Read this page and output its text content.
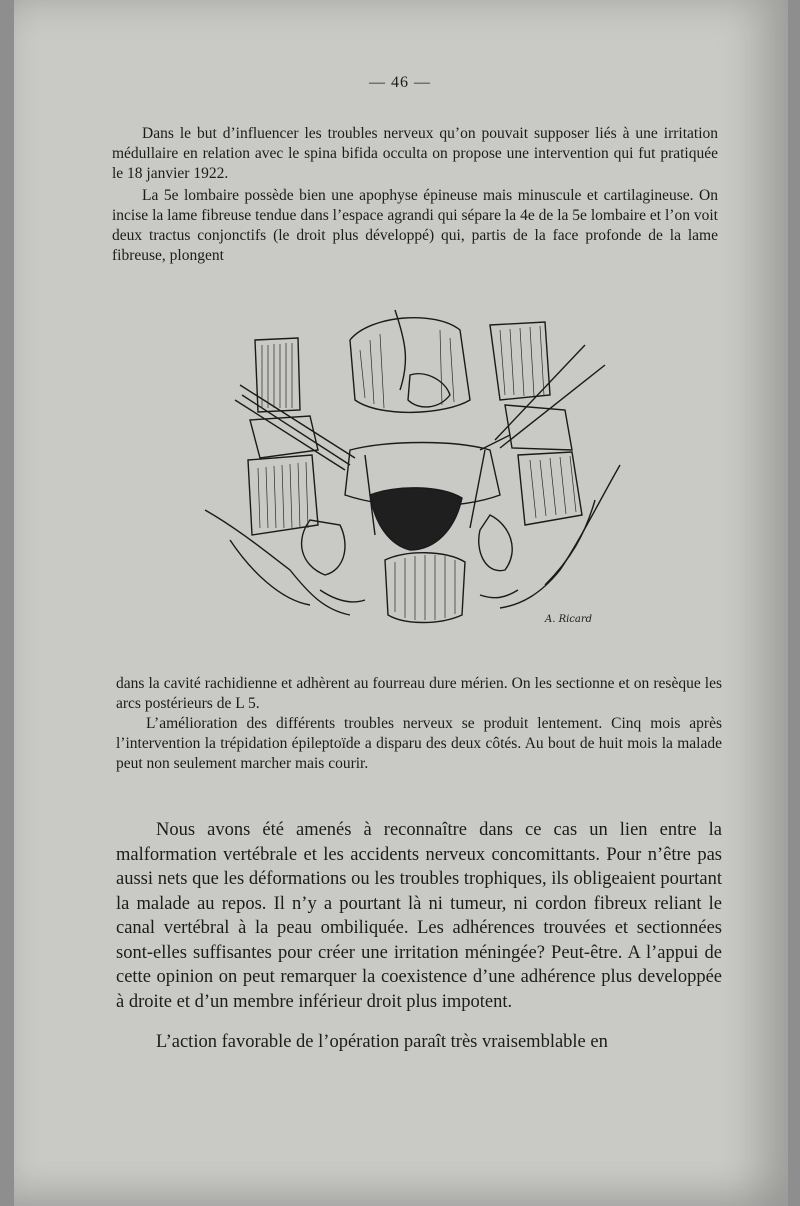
— 46 —

Dans le but d’influencer les troubles nerveux qu’on pouvait supposer liés à une irritation médullaire en relation avec le spina bifida occulta on propose une intervention qui fut pratiquée le 18 janvier 1922.

La 5e lombaire possède bien une apophyse épineuse mais minuscule et cartilagineuse. On incise la lame fibreuse tendue dans l’espace agrandi qui sépare la 4e de la 5e lombaire et l’on voit deux tractus conjonctifs (le droit plus développé) qui, partis de la face profonde de la lame fibreuse, plongent

A. Ricard

dans la cavité rachidienne et adhèrent au fourreau dure mérien. On les sectionne et on resèque les arcs postérieurs de L 5.

L’amélioration des différents troubles nerveux se produit lentement. Cinq mois après l’intervention la trépidation épileptoïde a disparu des deux côtés. Au bout de huit mois la malade peut non seulement marcher mais courir.

Nous avons été amenés à reconnaître dans ce cas un lien entre la malformation vertébrale et les accidents nerveux concomittants. Pour n’être pas aussi nets que les déformations ou les troubles trophiques, ils obligeaient pourtant la malade au repos. Il n’y a pourtant là ni tumeur, ni cordon fibreux reliant le canal vertébral à la peau ombiliquée. Les adhérences trouvées et sectionnées sont-elles suffisantes pour créer une irritation méningée? Peut-être. A l’appui de cette opinion on peut remarquer la coexistence d’une adhérence plus developpée à droite et d’un membre inférieur droit plus impotent.

L’action favorable de l’opération paraît très vraisemblable en
